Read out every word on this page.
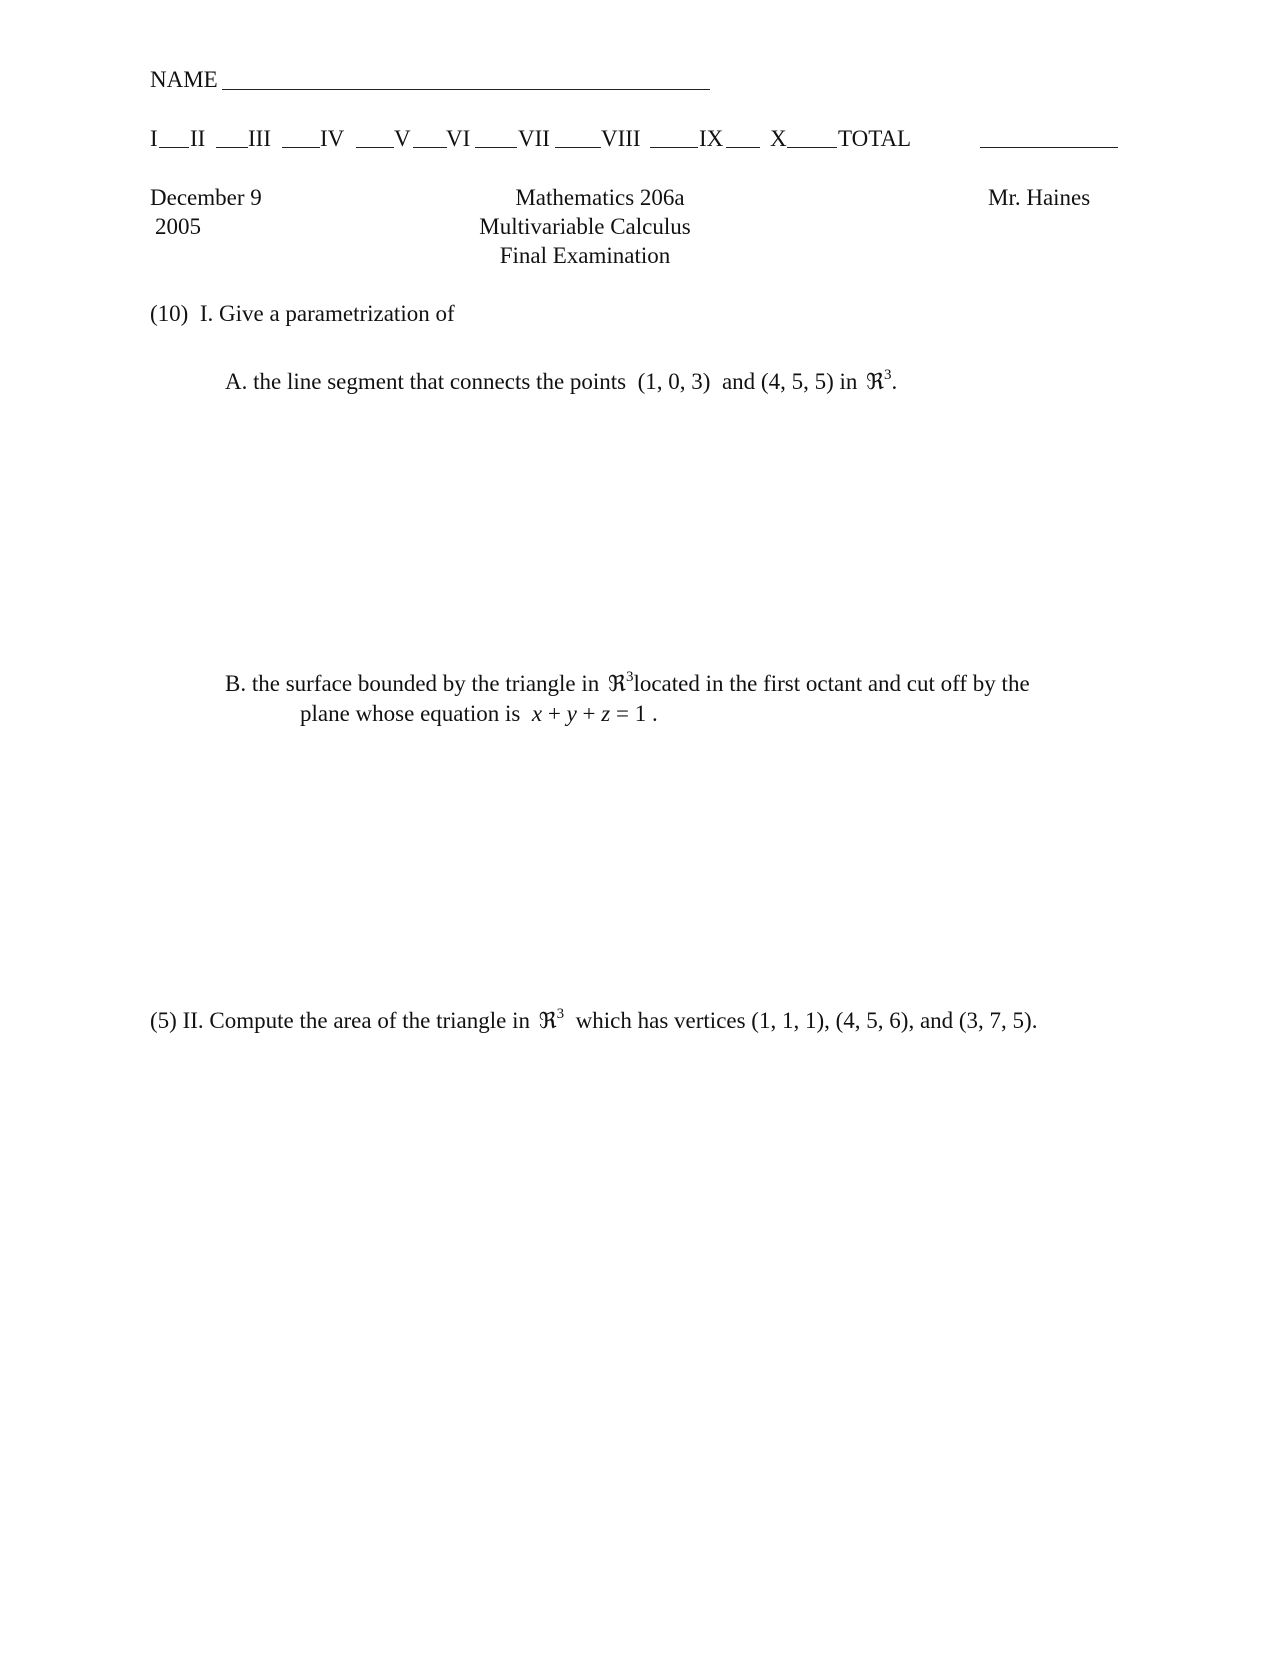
NAME
I II III IV V VI VII VIII	IX X TOTAL
December 9
2005
Mathematics 206a
Multivariable Calculus
Final Examination
Mr. Haines
(10) I. Give a parametrization of
A. the line segment that connects the points  (1, 0, 3)  and (4, 5, 5) in ℜ$^3$.
B. the surface bounded by the triangle in ℜ$^3$located in the first octant and cut off by the
plane whose equation is  x + y + z = 1 .
(5) II. Compute the area of the triangle in ℜ$^3$  which has vertices (1, 1, 1), (4, 5, 6), and (3, 7, 5).
